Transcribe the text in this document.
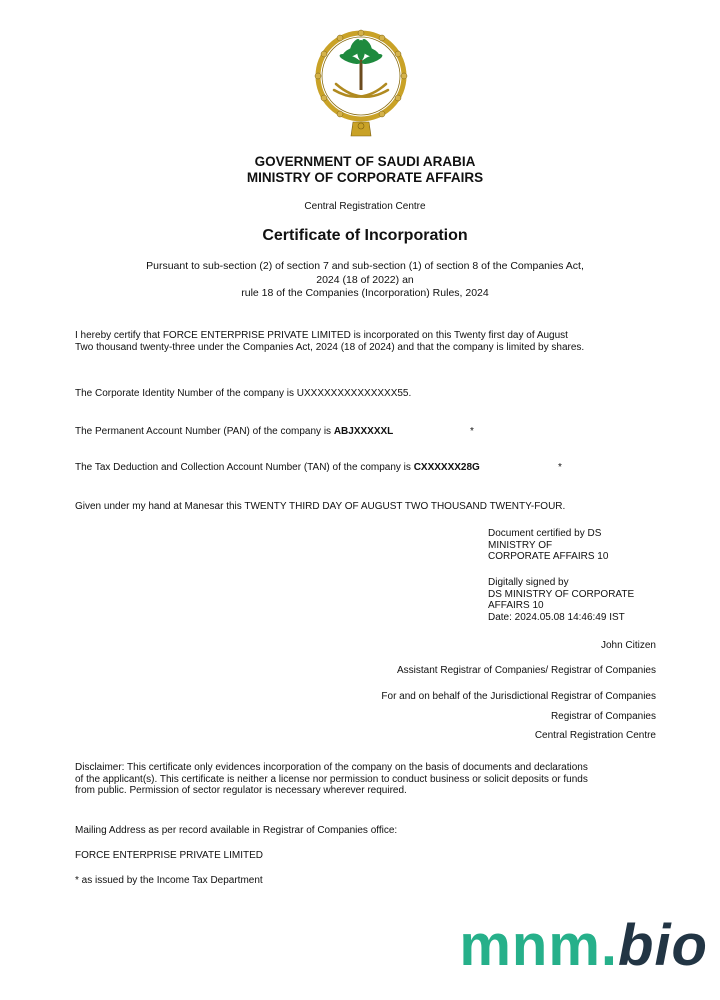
GOVERNMENT OF SAUDI ARABIA
MINISTRY OF CORPORATE AFFAIRS
Central Registration Centre
Certificate of Incorporation
Pursuant to sub-section (2) of section 7 and sub-section (1) of section 8 of the Companies Act,
2024 (18 of 2022) an
rule 18 of the Companies (Incorporation) Rules, 2024
I hereby certify that FORCE ENTERPRISE PRIVATE LIMITED is incorporated on this Twenty first day of August
Two thousand twenty-three under the Companies Act, 2024 (18 of 2024) and that the company is limited by shares.
The Corporate Identity Number of the company is UXXXXXXXXXXXXXX55.
The Permanent Account Number (PAN) of the company is ABJXXXXXL	*
The Tax Deduction and Collection Account Number (TAN) of the company is CXXXXXX28G	*
Given under my hand at Manesar this TWENTY THIRD DAY OF AUGUST TWO THOUSAND TWENTY-FOUR.
Document certified by DS
MINISTRY OF
CORPORATE AFFAIRS 10
Digitally signed by
DS MINISTRY OF CORPORATE
AFFAIRS 10
Date: 2024.05.08 14:46:49 IST
John Citizen
Assistant Registrar of Companies/ Registrar of Companies
For and on behalf of the Jurisdictional Registrar of Companies
Registrar of Companies
Central Registration Centre
Disclaimer: This certificate only evidences incorporation of the company on the basis of documents and declarations
of the applicant(s). This certificate is neither a license nor permission to conduct business or solicit deposits or funds
from public. Permission of sector regulator is necessary wherever required.
Mailing Address as per record available in Registrar of Companies office:
FORCE ENTERPRISE PRIVATE LIMITED
* as issued by the Income Tax Department
mnm.bio
